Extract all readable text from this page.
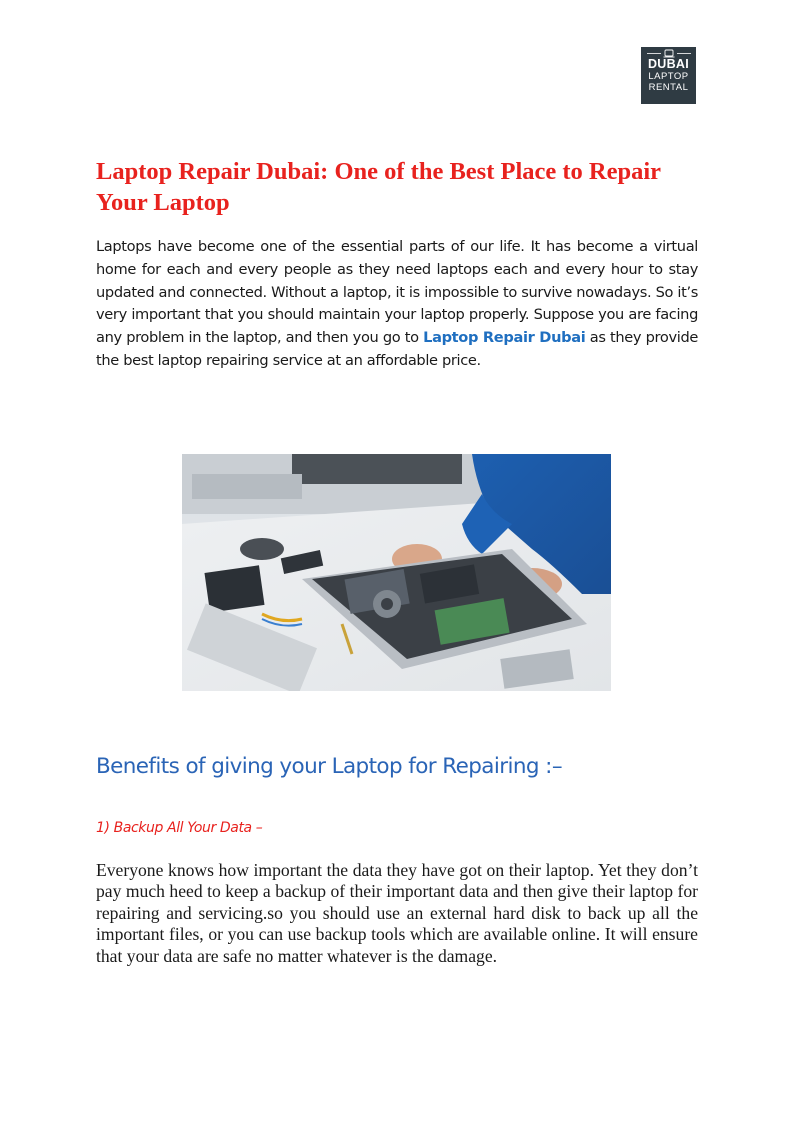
DUBAI
LAPTOP
RENTAL
Laptop Repair Dubai: One of the Best Place to Repair Your Laptop

Laptops have become one of the essential parts of our life. It has become a virtual home for each and every people as they need laptops each and every hour to stay updated and connected. Without a laptop, it is impossible to survive nowadays. So it’s very important that you should maintain your laptop properly. Suppose you are facing any problem in the laptop, and then you go to Laptop Repair Dubai as they provide the best laptop repairing service at an affordable price.

Benefits of giving your Laptop for Repairing :–
1) Backup All Your Data –

Everyone knows how important the data they have got on their laptop. Yet they don’t pay much heed to keep a backup of their important data and then give their laptop for repairing and servicing.so you should use an external hard disk to back up all the important files, or you can use backup tools which are available online. It will ensure that your data are safe no matter whatever is the damage.
